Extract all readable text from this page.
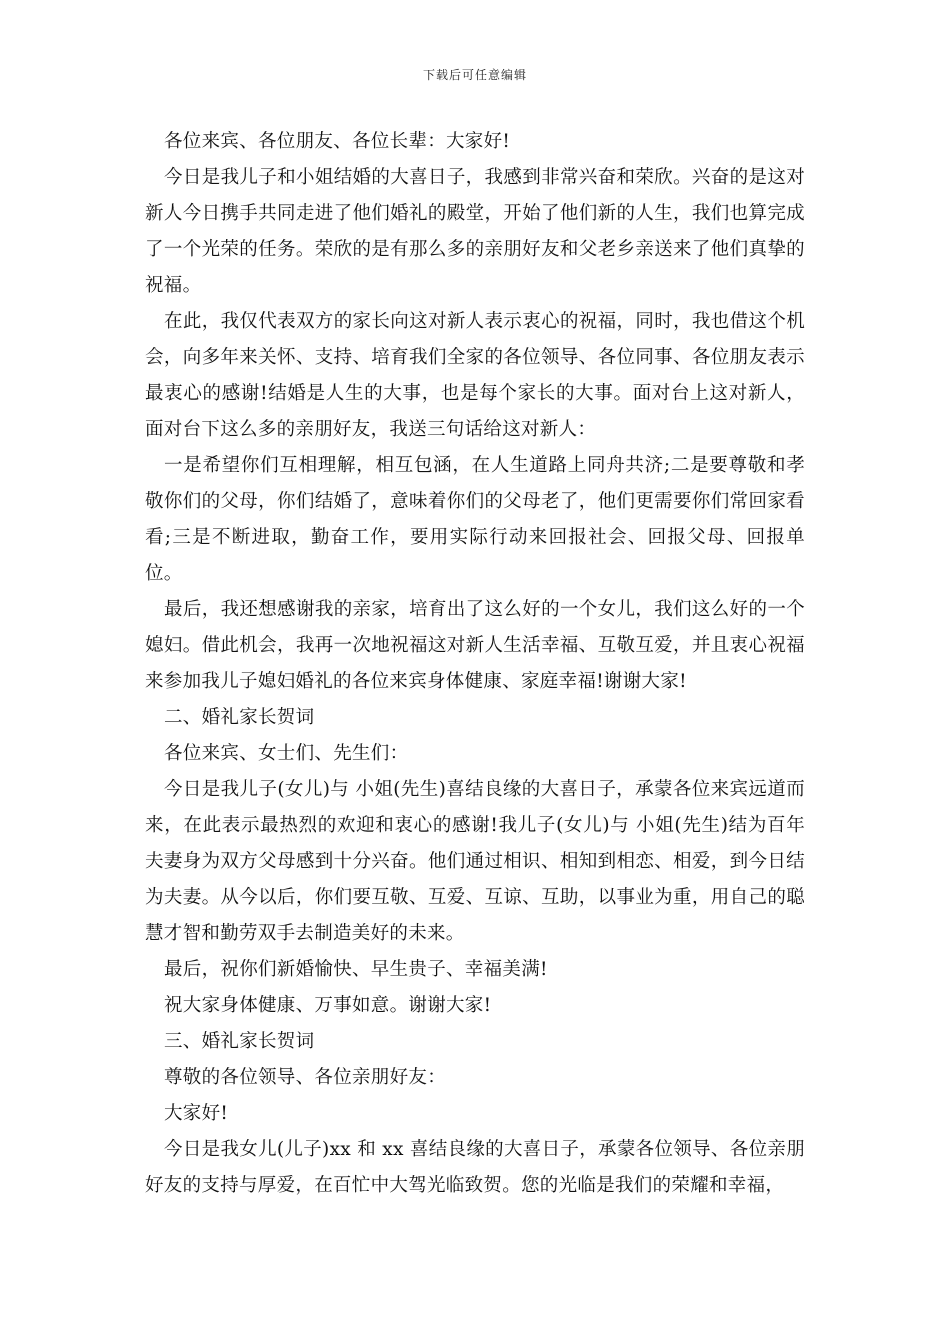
下载后可任意编辑

各位来宾、各位朋友、各位长辈：大家好!

今日是我儿子和小姐结婚的大喜日子，我感到非常兴奋和荣欣。兴奋的是这对新人今日携手共同走进了他们婚礼的殿堂，开始了他们新的人生，我们也算完成了一个光荣的任务。荣欣的是有那么多的亲朋好友和父老乡亲送来了他们真挚的祝福。

在此，我仅代表双方的家长向这对新人表示衷心的祝福，同时，我也借这个机会，向多年来关怀、支持、培育我们全家的各位领导、各位同事、各位朋友表示最衷心的感谢!结婚是人生的大事，也是每个家长的大事。面对台上这对新人，面对台下这么多的亲朋好友，我送三句话给这对新人：

一是希望你们互相理解，相互包涵，在人生道路上同舟共济;二是要尊敬和孝敬你们的父母，你们结婚了，意味着你们的父母老了，他们更需要你们常回家看看;三是不断进取，勤奋工作，要用实际行动来回报社会、回报父母、回报单位。

最后，我还想感谢我的亲家，培育出了这么好的一个女儿，我们这么好的一个媳妇。借此机会，我再一次地祝福这对新人生活幸福、互敬互爱，并且衷心祝福来参加我儿子媳妇婚礼的各位来宾身体健康、家庭幸福!谢谢大家!

二、婚礼家长贺词

各位来宾、女士们、先生们：

今日是我儿子(女儿)与 小姐(先生)喜结良缘的大喜日子，承蒙各位来宾远道而来，在此表示最热烈的欢迎和衷心的感谢!我儿子(女儿)与 小姐(先生)结为百年夫妻身为双方父母感到十分兴奋。他们通过相识、相知到相恋、相爱，到今日结为夫妻。从今以后，你们要互敬、互爱、互谅、互助，以事业为重，用自己的聪慧才智和勤劳双手去制造美好的未来。

最后，祝你们新婚愉快、早生贵子、幸福美满!

祝大家身体健康、万事如意。谢谢大家!

三、婚礼家长贺词

尊敬的各位领导、各位亲朋好友：

大家好!

今日是我女儿(儿子)xx 和 xx 喜结良缘的大喜日子，承蒙各位领导、各位亲朋好友的支持与厚爱，在百忙中大驾光临致贺。您的光临是我们的荣耀和幸福，
